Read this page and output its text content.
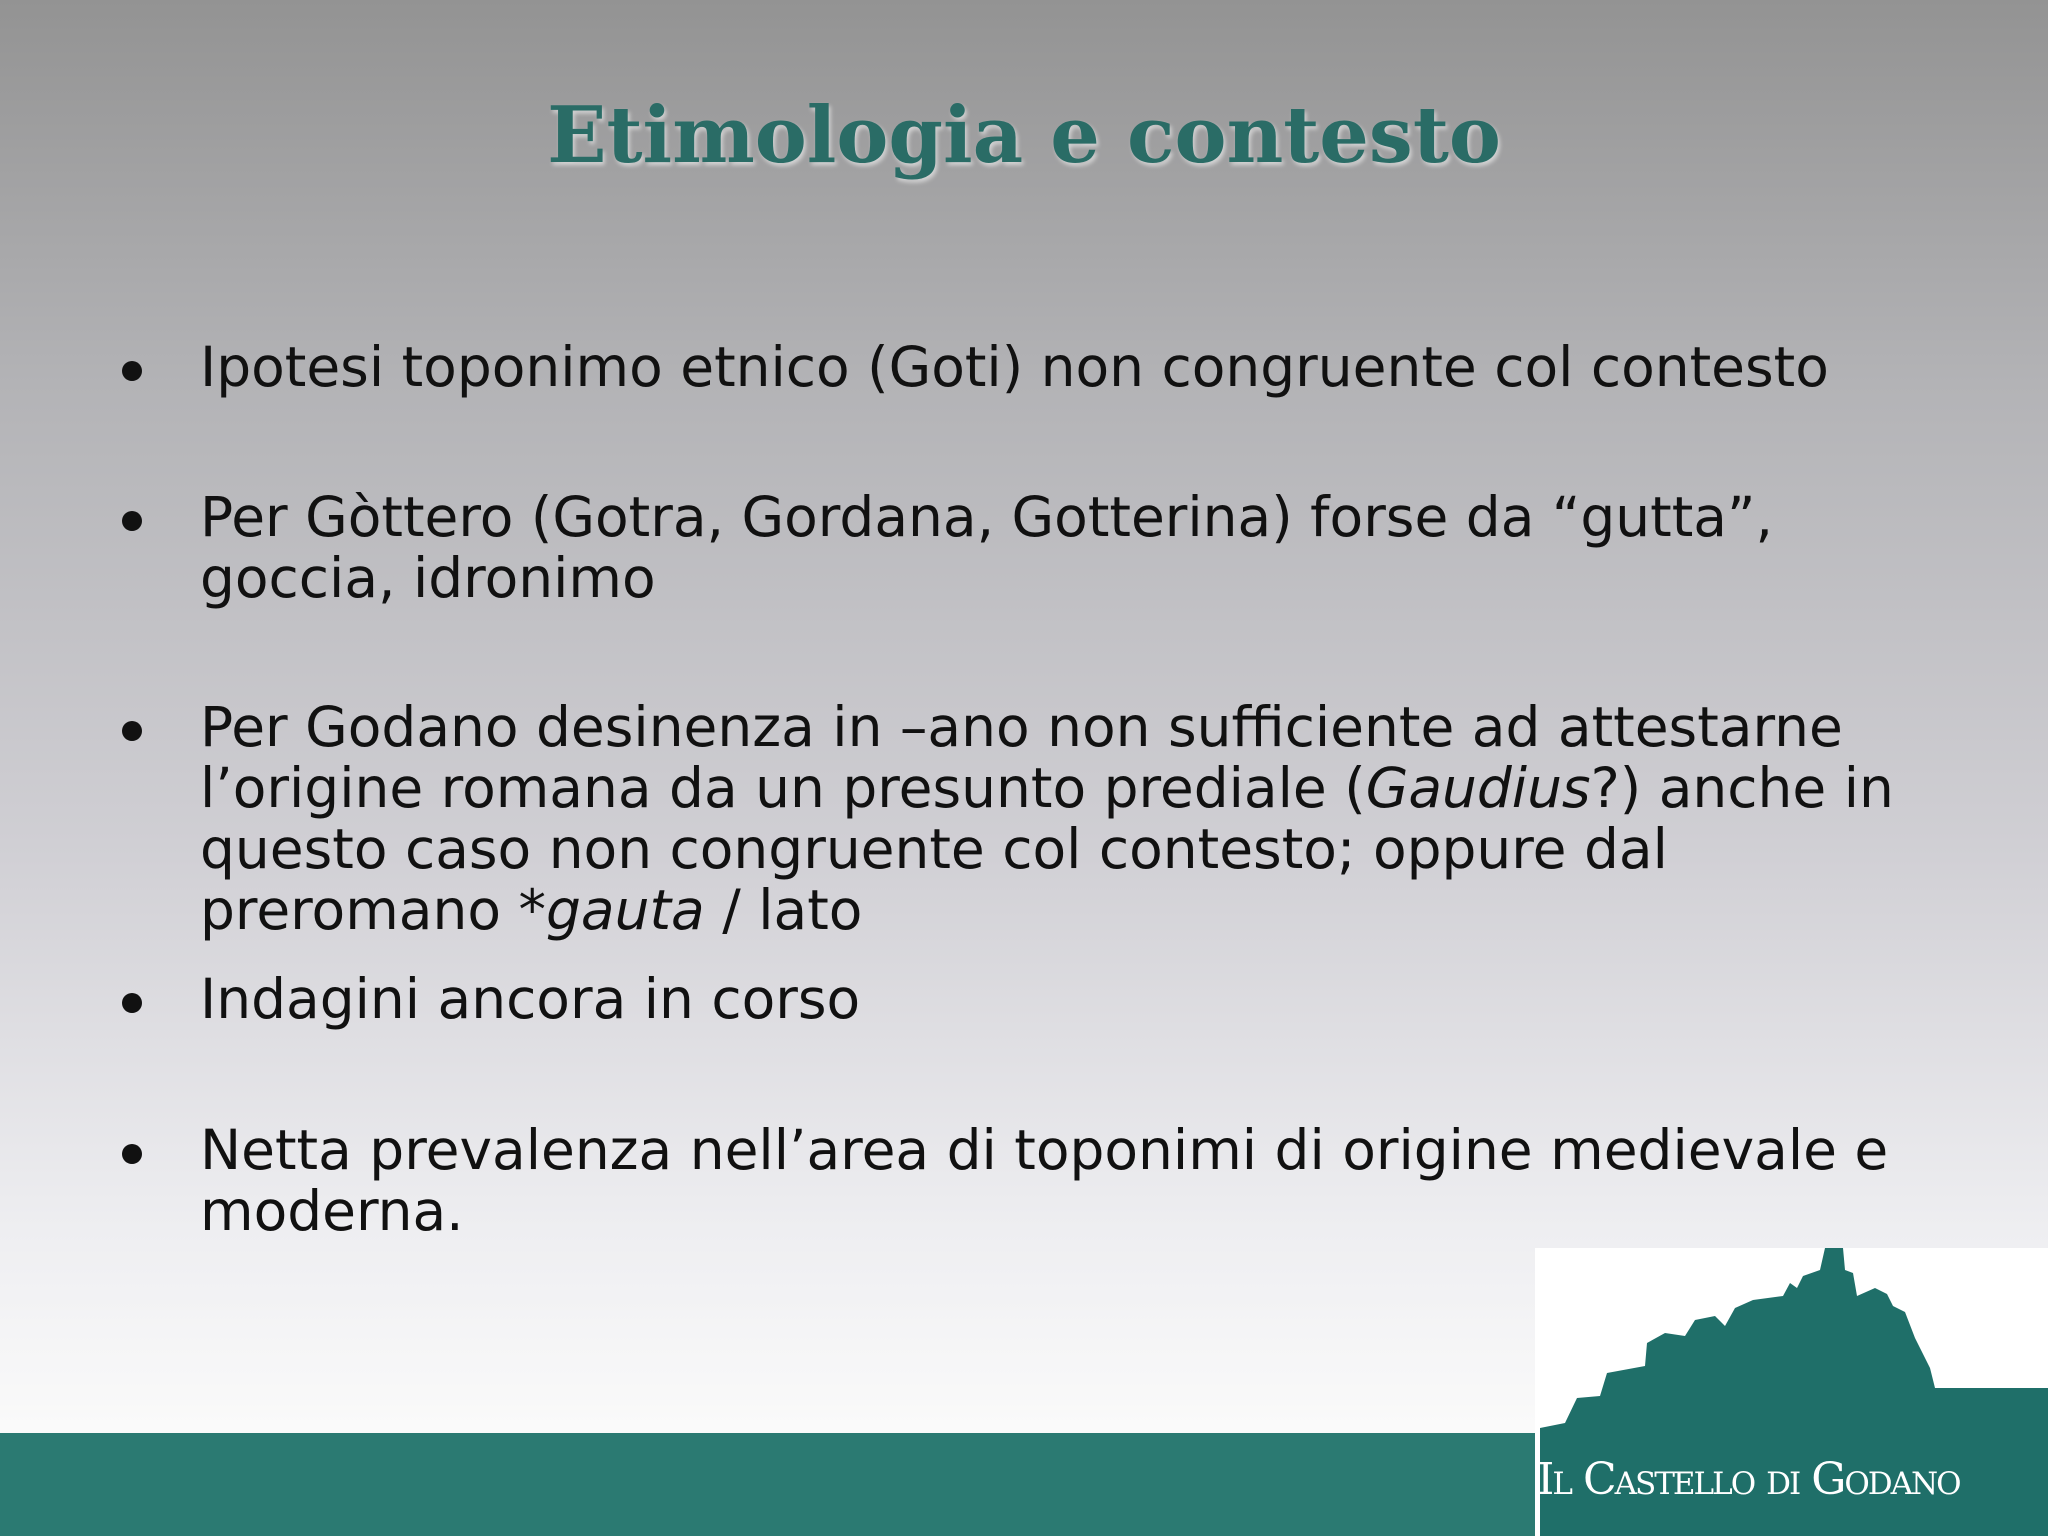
Etimologia e contesto
Ipotesi toponimo etnico (Goti) non congruente col contesto
Per Gòttero (Gotra, Gordana, Gotterina) forse da “gutta”, goccia, idronimo
Per Godano desinenza in –ano non sufficiente ad attestarne l’origine romana da un presunto prediale (Gaudius?) anche in questo caso non congruente col contesto; oppure dal preromano *gauta / lato
Indagini ancora in corso
Netta prevalenza nell’area di toponimi di origine medievale e moderna.
Il Castello di Godano
